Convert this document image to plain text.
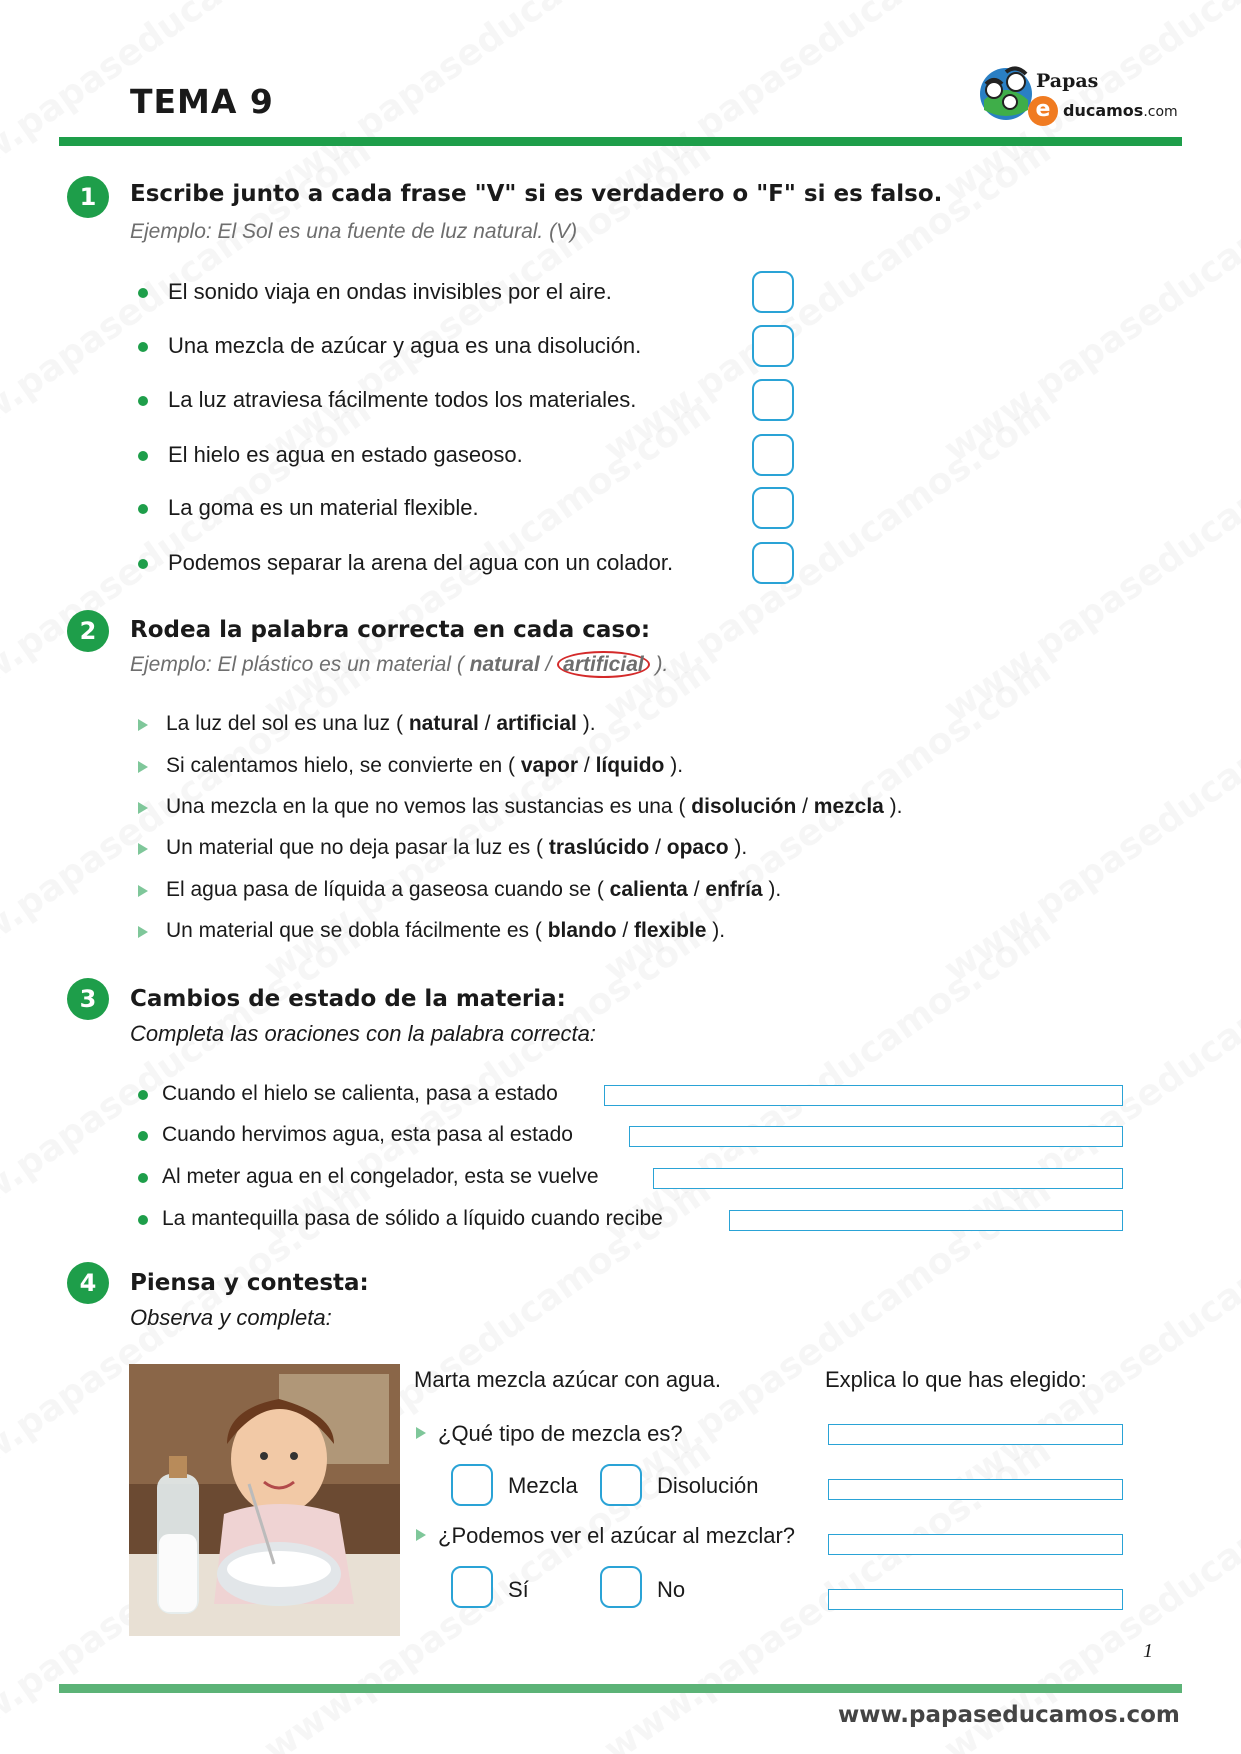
TEMA 9
Papas
e ducamos.com
1	Escribe junto a cada frase "V" si es verdadero o "F" si es falso.
Ejemplo: El Sol es una fuente de luz natural. (V)
El sonido viaja en ondas invisibles por el aire.
Una mezcla de azúcar y agua es una disolución.
La luz atraviesa fácilmente todos los materiales.
El hielo es agua en estado gaseoso.
La goma es un material flexible.
Podemos separar la arena del agua con un colador.
2	Rodea la palabra correcta en cada caso:
Ejemplo: El plástico es un material ( natural / artificial ).
La luz del sol es una luz ( natural / artificial ).
Si calentamos hielo, se convierte en ( vapor / líquido ).
Una mezcla en la que no vemos las sustancias es una ( disolución / mezcla ).
Un material que no deja pasar la luz es ( traslúcido / opaco ).
El agua pasa de líquida a gaseosa cuando se ( calienta / enfría ).
Un material que se dobla fácilmente es ( blando / flexible ).
3	Cambios de estado de la materia:
Completa las oraciones con la palabra correcta:
Cuando el hielo se calienta, pasa a estado
Cuando hervimos agua, esta pasa al estado
Al meter agua en el congelador, esta se vuelve
La mantequilla pasa de sólido a líquido cuando recibe
4	Piensa y contesta:
Observa y completa:
Marta mezcla azúcar con agua.	Explica lo que has elegido:
¿Qué tipo de mezcla es?
Mezcla	Disolución
¿Podemos ver el azúcar al mezclar?
Sí	No
1
www.papaseducamos.com
